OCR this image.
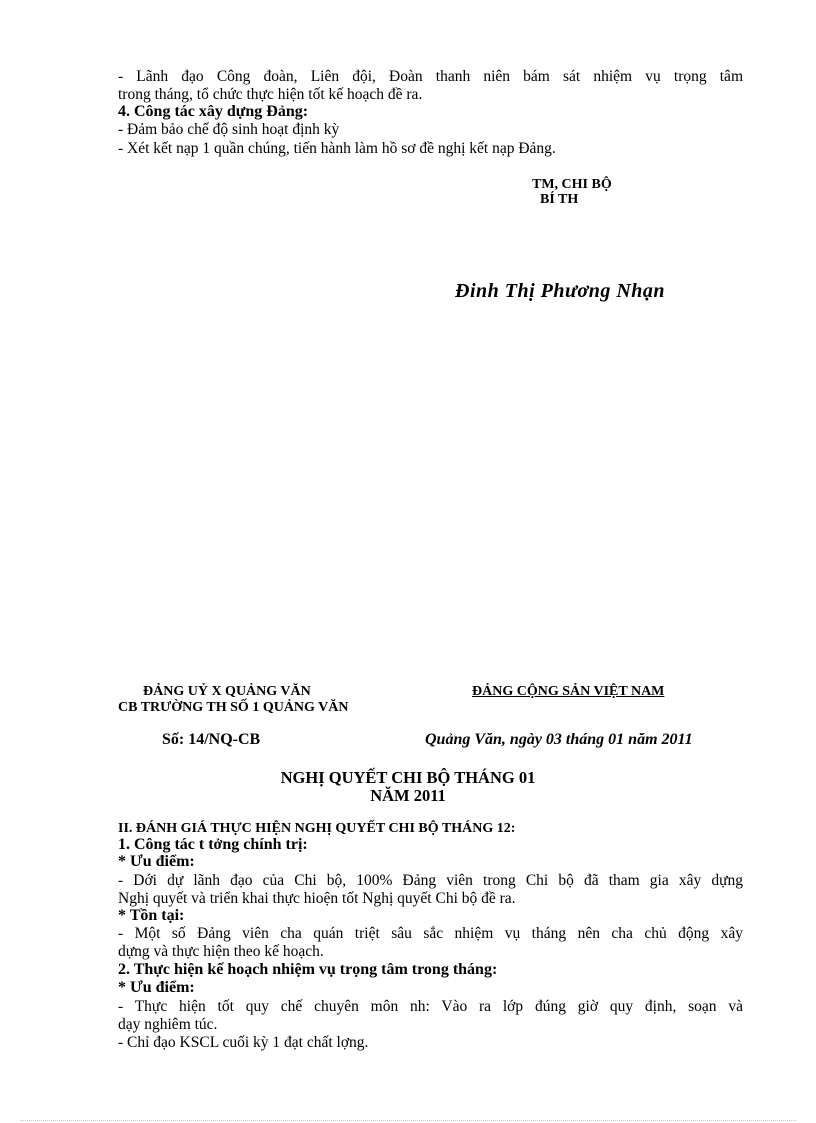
- Lãnh đạo Công đoàn, Liên đội, Đoàn thanh niên bám sát nhiệm vụ trọng tâm

trong tháng, tổ chức thực hiện tốt kế hoạch đề ra.

4. Công tác xây dựng Đảng:

- Đảm bảo chế độ sinh hoạt định kỳ

- Xét kết nạp 1 quần chúng, tiến hành làm hồ sơ đề nghị kết nạp Đảng.

TM, CHI BỘ
BÍ TH
Đinh Thị Phương Nhạn
ĐẢNG UỶ X QUẢNG VĂN
CB TRƯỜNG TH SỐ 1 QUẢNG VĂN
ĐẢNG CỘNG SẢN VIỆT NAM
Số: 14/NQ-CB	Quảng Văn, ngày 03 tháng 01 năm 2011
NGHỊ QUYẾT CHI BỘ THÁNG 01
NĂM 2011

II. ĐÁNH GIÁ THỰC HIỆN NGHỊ QUYẾT CHI BỘ THÁNG 12:

1. Công tác t tởng chính trị:

* Ưu điểm:

- Dới dự lãnh đạo của Chi bộ, 100% Đảng viên trong Chi bộ đã tham gia xây dựng

Nghị quyết và triển khai thực hioện tốt Nghị quyết Chi bộ đề ra.

* Tồn tại:

- Một số Đảng viên cha quán triệt sâu sắc nhiệm vụ tháng nên cha chủ động xây

dựng và thực hiện theo kế hoạch.

2. Thực hiện kế hoạch nhiệm vụ trọng tâm trong tháng:

* Ưu điểm:

- Thực hiện tốt quy chế chuyên môn nh: Vào ra lớp đúng giờ quy định, soạn và

dạy nghiêm túc.

- Chỉ đạo KSCL cuối kỳ 1 đạt chất lợng.
